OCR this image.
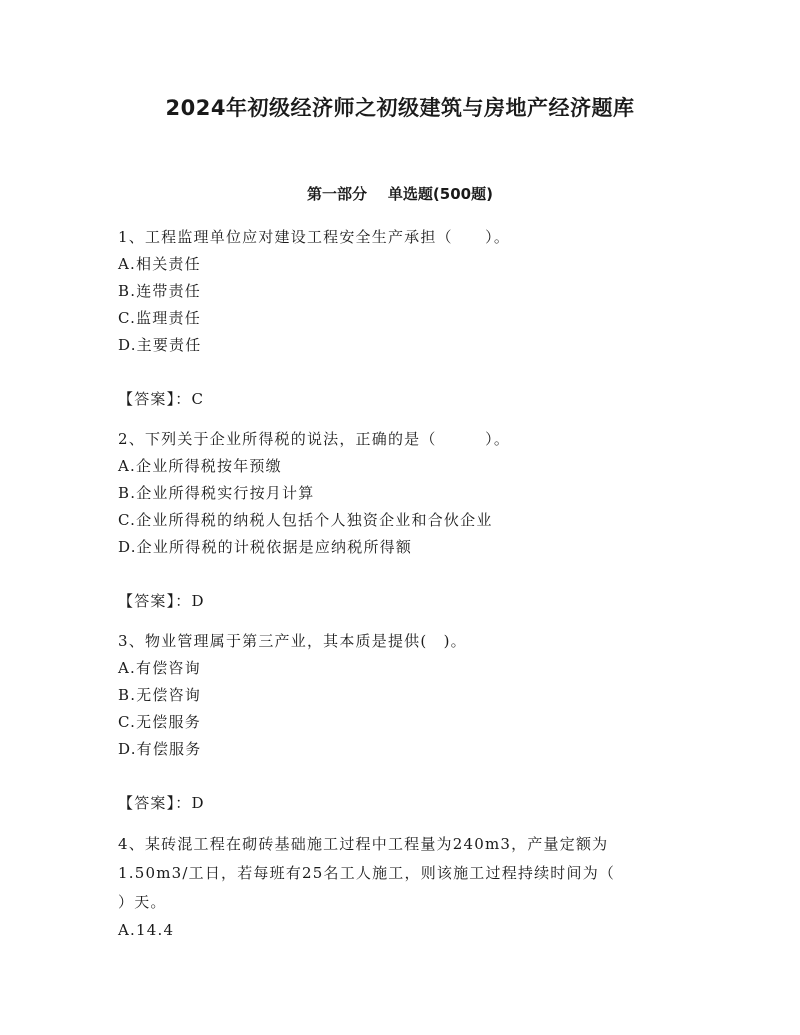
2024年初级经济师之初级建筑与房地产经济题库
第一部分    单选题(500题)
1、工程监理单位应对建设工程安全生产承担（　　）。
A.相关责任
B.连带责任
C.监理责任
D.主要责任
【答案】：C
2、下列关于企业所得税的说法，正确的是（　　　）。
A.企业所得税按年预缴
B.企业所得税实行按月计算
C.企业所得税的纳税人包括个人独资企业和合伙企业
D.企业所得税的计税依据是应纳税所得额
【答案】：D
3、物业管理属于第三产业，其本质是提供(　)。
A.有偿咨询
B.无偿咨询
C.无偿服务
D.有偿服务
【答案】：D
4、某砖混工程在砌砖基础施工过程中工程量为240m3，产量定额为
1.50m3/工日，若每班有25名工人施工，则该施工过程持续时间为（
）天。
A.14.4
